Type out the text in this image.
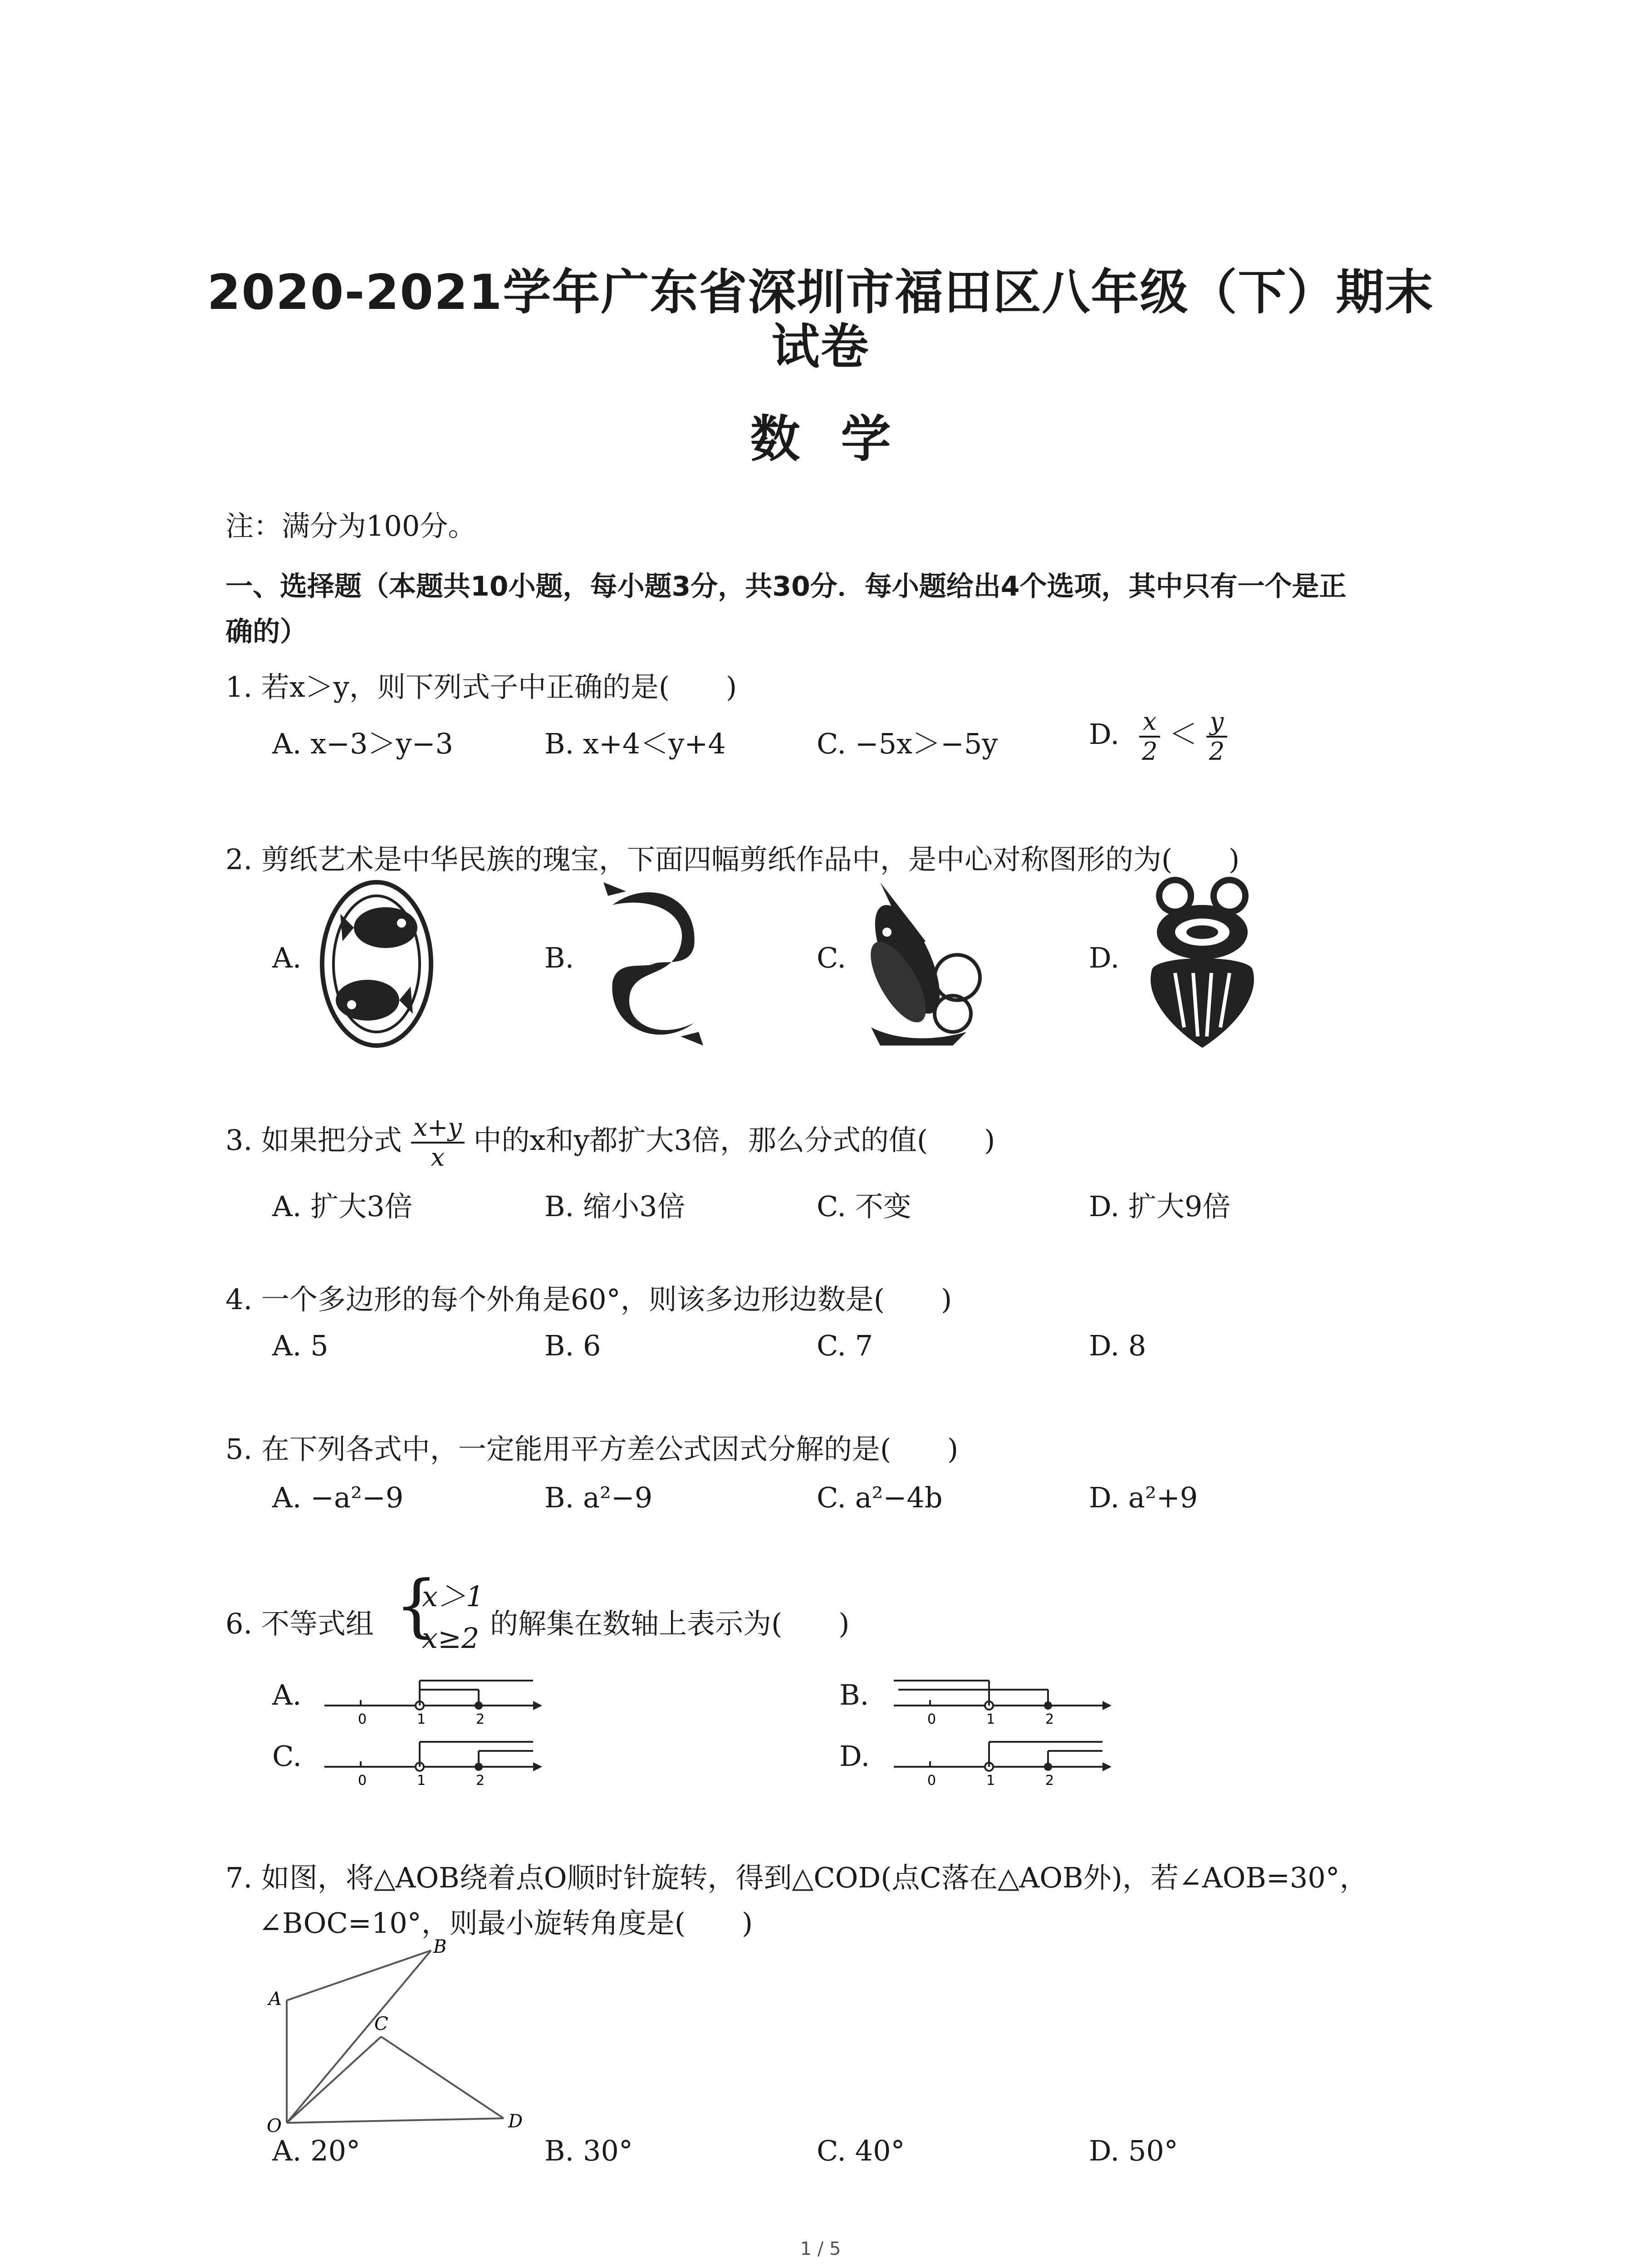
2020-2021学年广东省深圳市福田区八年级（下）期末
试卷
数学
注：满分为100分。
一、选择题（本题共10小题，每小题3分，共30分．每小题给出4个选项，其中只有一个是正
确的）
1. 若x＞y，则下列式子中正确的是(　　)
A. x−3＞y−3	B. x+4＜y+4	C. −5x＞−5y	D. $\frac{x}{2} < \frac{y}{2}$
2. 剪纸艺术是中华民族的瑰宝，下面四幅剪纸作品中，是中心对称图形的为(　　)
A.	B.	C.	D.
3. 如果把分式 $\frac{x+y}{x}$ 中的x和y都扩大3倍，那么分式的值(　　)
A. 扩大3倍	B. 缩小3倍	C. 不变	D. 扩大9倍
4. 一个多边形的每个外角是60°，则该多边形边数是(　　)
A. 5	B. 6	C. 7	D. 8
5. 在下列各式中，一定能用平方差公式因式分解的是(　　)
A. −a²−9	B. a²−9	C. a²−4b	D. a²+9
6. 不等式组 {
x＞1
x≥2 的解集在数轴上表示为(　　)
A.	B.
C.	D.
0	1	2	0	1	2
0	1	2	0	1	2
7. 如图，将△AOB绕着点O顺时针旋转，得到△COD(点C落在△AOB外)，若∠AOB=30°，
∠BOC=10°，则最小旋转角度是(　　)
A
B
C
O	D
A. 20°	B. 30°	C. 40°	D. 50°
1 / 5
